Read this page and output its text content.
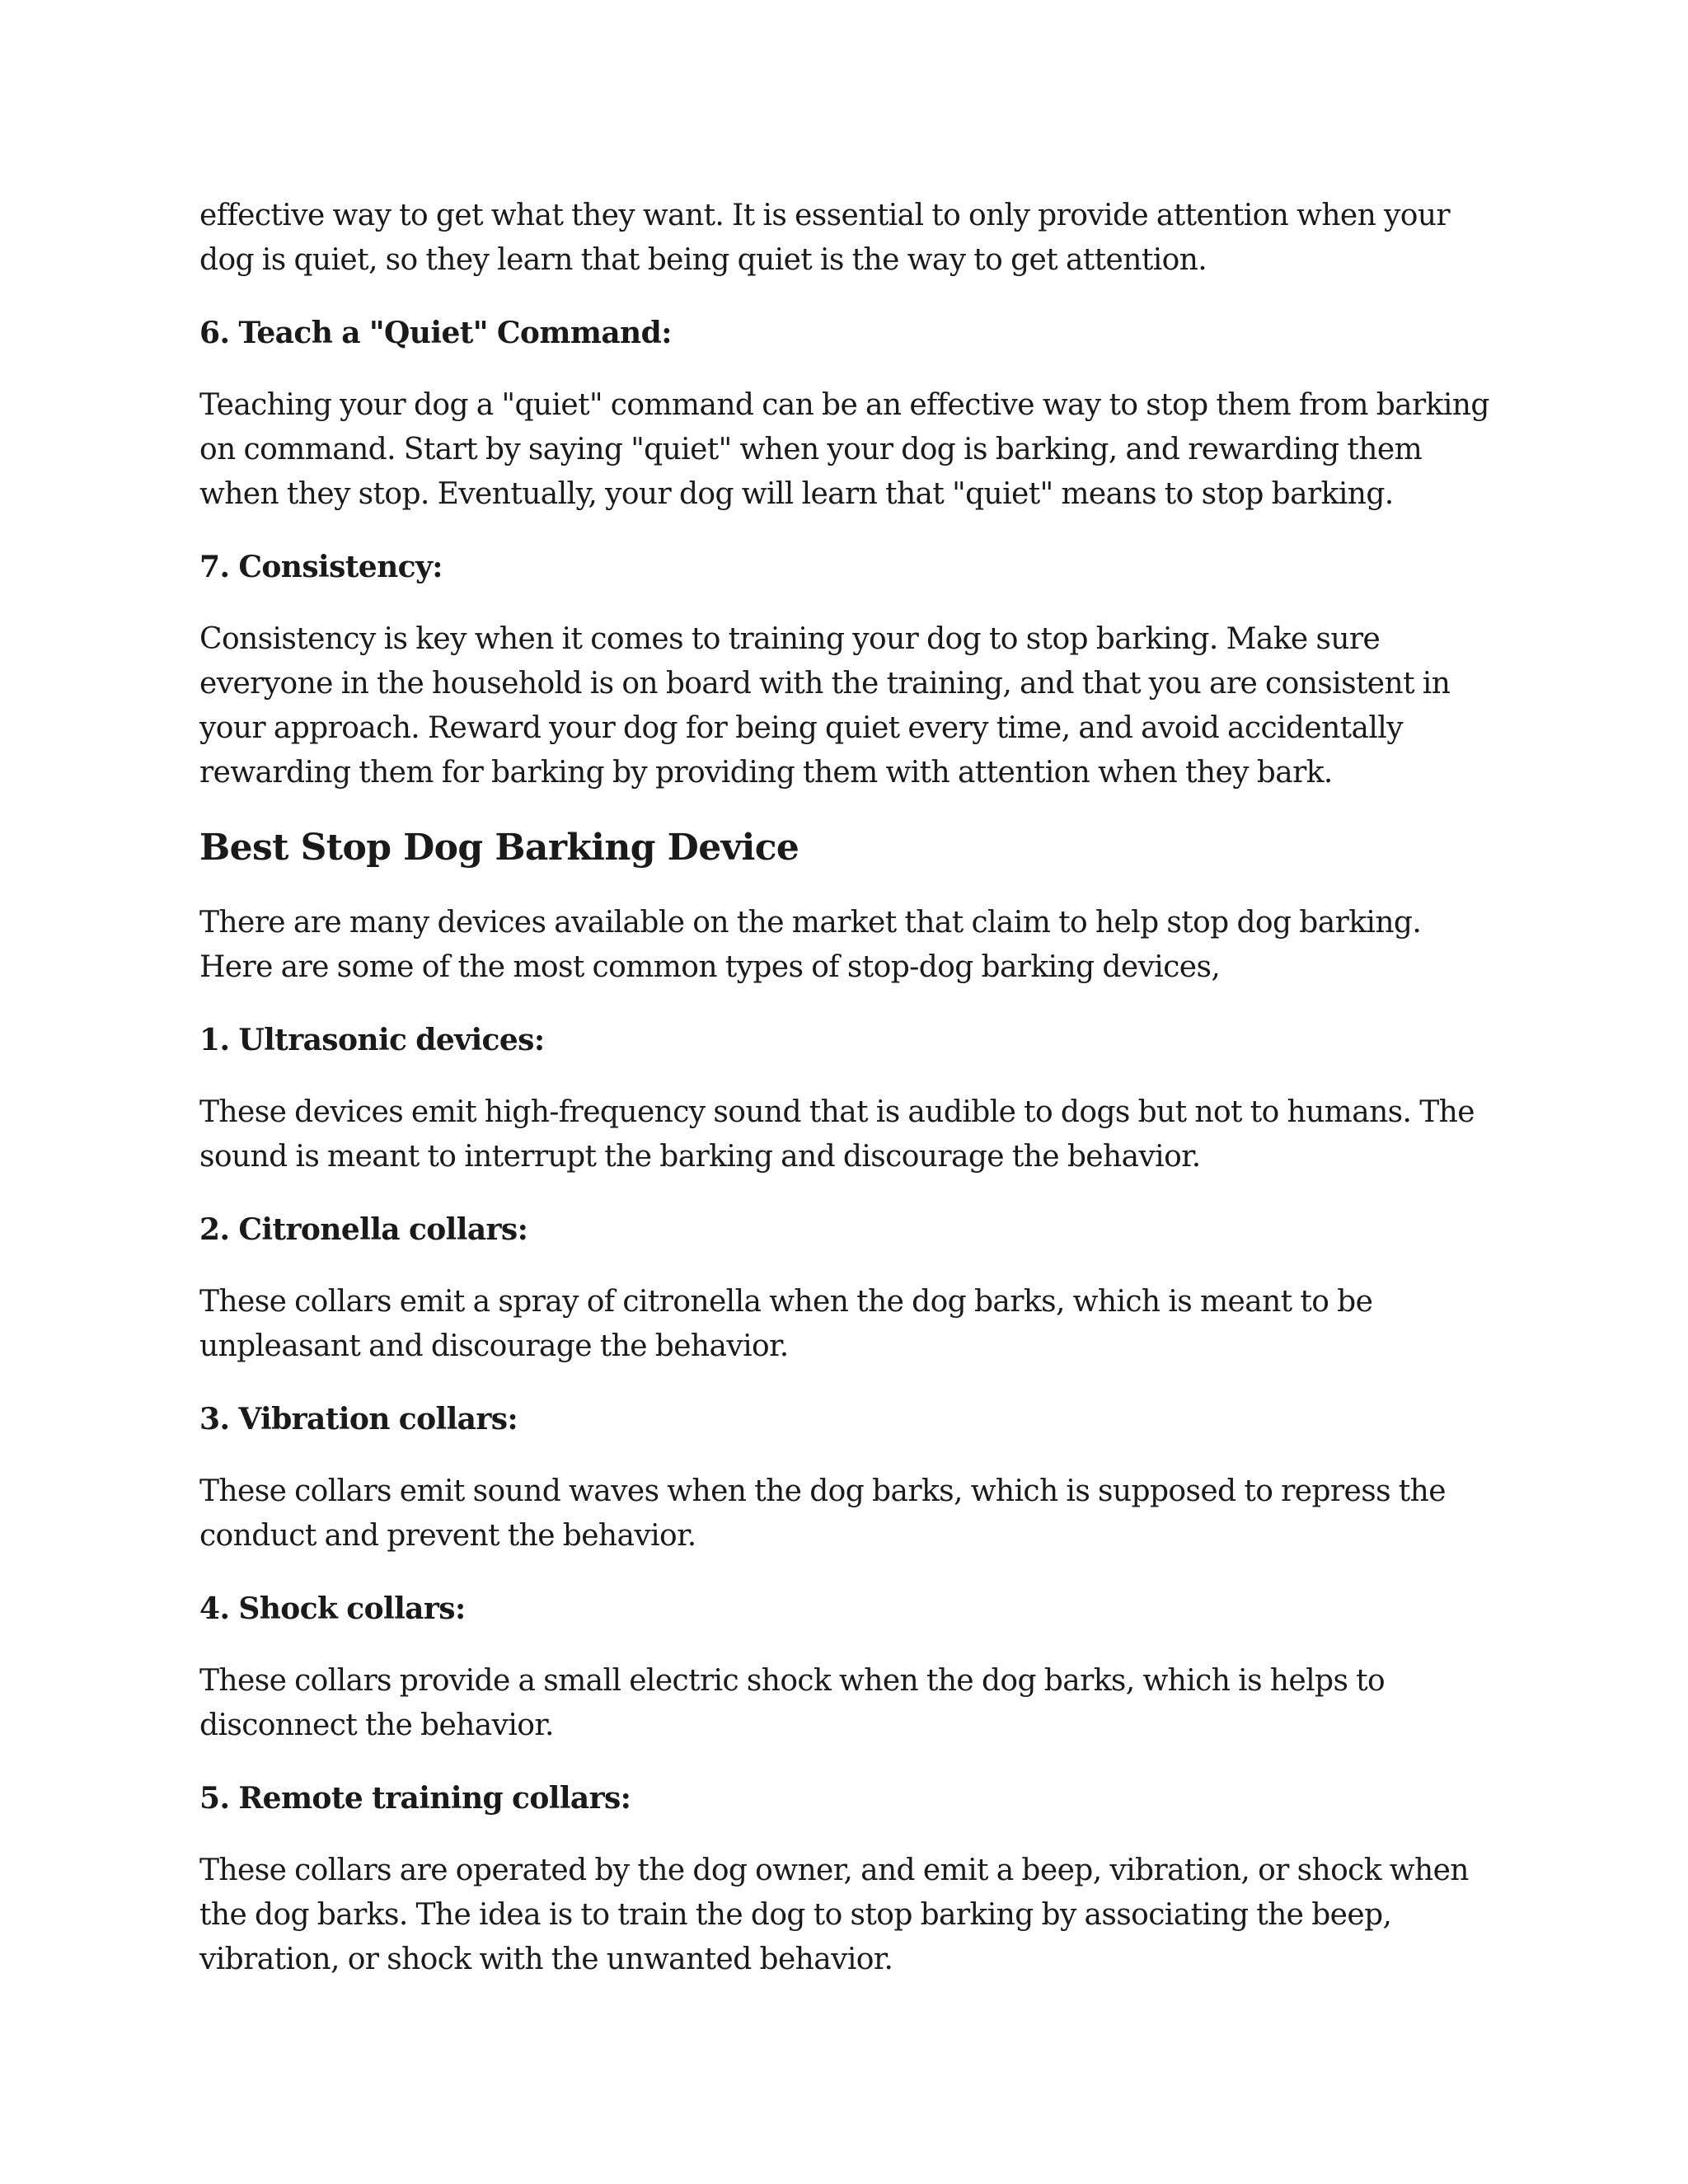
effective way to get what they want. It is essential to only provide attention when your dog is quiet, so they learn that being quiet is the way to get attention.

6. Teach a "Quiet" Command:

Teaching your dog a "quiet" command can be an effective way to stop them from barking on command. Start by saying "quiet" when your dog is barking, and rewarding them when they stop. Eventually, your dog will learn that "quiet" means to stop barking.

7. Consistency:

Consistency is key when it comes to training your dog to stop barking. Make sure everyone in the household is on board with the training, and that you are consistent in your approach. Reward your dog for being quiet every time, and avoid accidentally rewarding them for barking by providing them with attention when they bark.

Best Stop Dog Barking Device

There are many devices available on the market that claim to help stop dog barking. Here are some of the most common types of stop-dog barking devices,

1. Ultrasonic devices:

These devices emit high-frequency sound that is audible to dogs but not to humans. The sound is meant to interrupt the barking and discourage the behavior.

2. Citronella collars:

These collars emit a spray of citronella when the dog barks, which is meant to be unpleasant and discourage the behavior.

3. Vibration collars:

These collars emit sound waves when the dog barks, which is supposed to repress the conduct and prevent the behavior.

4. Shock collars:

These collars provide a small electric shock when the dog barks, which is helps to disconnect the behavior.

5. Remote training collars:

These collars are operated by the dog owner, and emit a beep, vibration, or shock when the dog barks. The idea is to train the dog to stop barking by associating the beep, vibration, or shock with the unwanted behavior.
